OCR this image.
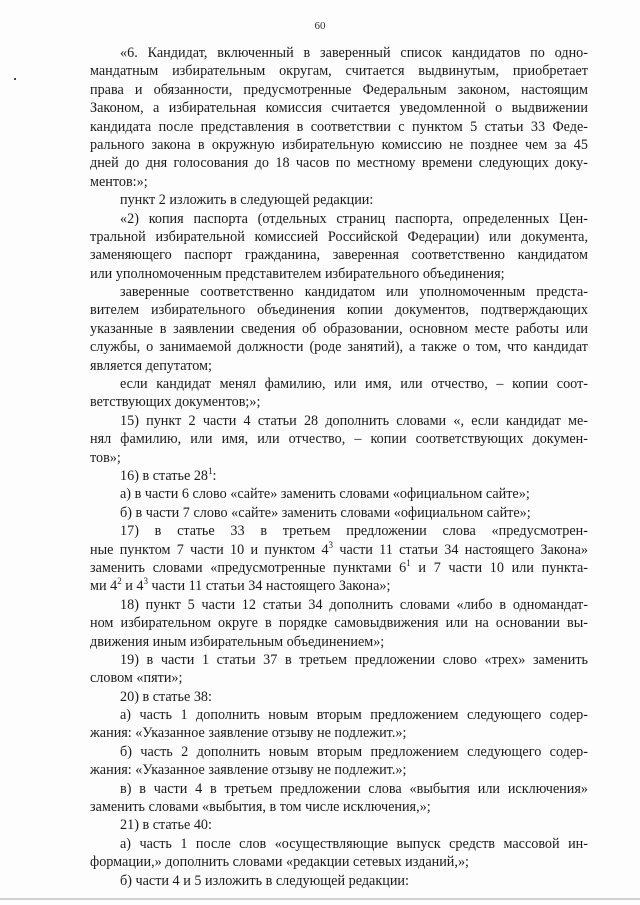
60
«6. Кандидат, включенный в заверенный список кандидатов по одно-
мандатным избирательным округам, считается выдвинутым, приобретает
права и обязанности, предусмотренные Федеральным законом, настоящим
Законом, а избирательная комиссия считается уведомленной о выдвижении
кандидата после представления в соответствии с пунктом 5 статьи 33 Феде-
рального закона в окружную избирательную комиссию не позднее чем за 45
дней до дня голосования до 18 часов по местному времени следующих доку-
ментов:»;
пункт 2 изложить в следующей редакции:
«2) копия паспорта (отдельных страниц паспорта, определенных Цен-
тральной избирательной комиссией Российской Федерации) или документа,
заменяющего паспорт гражданина, заверенная соответственно кандидатом
или уполномоченным представителем избирательного объединения;
заверенные соответственно кандидатом или уполномоченным предста-
вителем избирательного объединения копии документов, подтверждающих
указанные в заявлении сведения об образовании, основном месте работы или
службы, о занимаемой должности (роде занятий), а также о том, что кандидат
является депутатом;
если кандидат менял фамилию, или имя, или отчество, – копии соот-
ветствующих документов;»;
15) пункт 2 части 4 статьи 28 дополнить словами «, если кандидат ме-
нял фамилию, или имя, или отчество, – копии соответствующих докумен-
тов»;
16) в статье $28^1$:
а) в части 6 слово «сайте» заменить словами «официальном сайте»;
б) в части 7 слово «сайте» заменить словами «официальном сайте»;
17) в статье 33 в третьем предложении слова «предусмотрен-
ные пунктом 7 части 10 и пунктом $4^3$ части 11 статьи 34 настоящего Закона»
заменить словами «предусмотренные пунктами $6^1$ и 7 части 10 или пункта-
ми $4^2$ и $4^3$ части 11 статьи 34 настоящего Закона»;
18) пункт 5 части 12 статьи 34 дополнить словами «либо в одномандат-
ном избирательном округе в порядке самовыдвижения или на основании вы-
движения иным избирательным объединением»;
19) в части 1 статьи 37 в третьем предложении слово «трех» заменить
словом «пяти»;
20) в статье 38:
а) часть 1 дополнить новым вторым предложением следующего содер-
жания: «Указанное заявление отзыву не подлежит.»;
б) часть 2 дополнить новым вторым предложением следующего содер-
жания: «Указанное заявление отзыву не подлежит.»;
в) в части 4 в третьем предложении слова «выбытия или исключения»
заменить словами «выбытия, в том числе исключения,»;
21) в статье 40:
а) часть 1 после слов «осуществляющие выпуск средств массовой ин-
формации,» дополнить словами «редакции сетевых изданий,»;
б) части 4 и 5 изложить в следующей редакции:
